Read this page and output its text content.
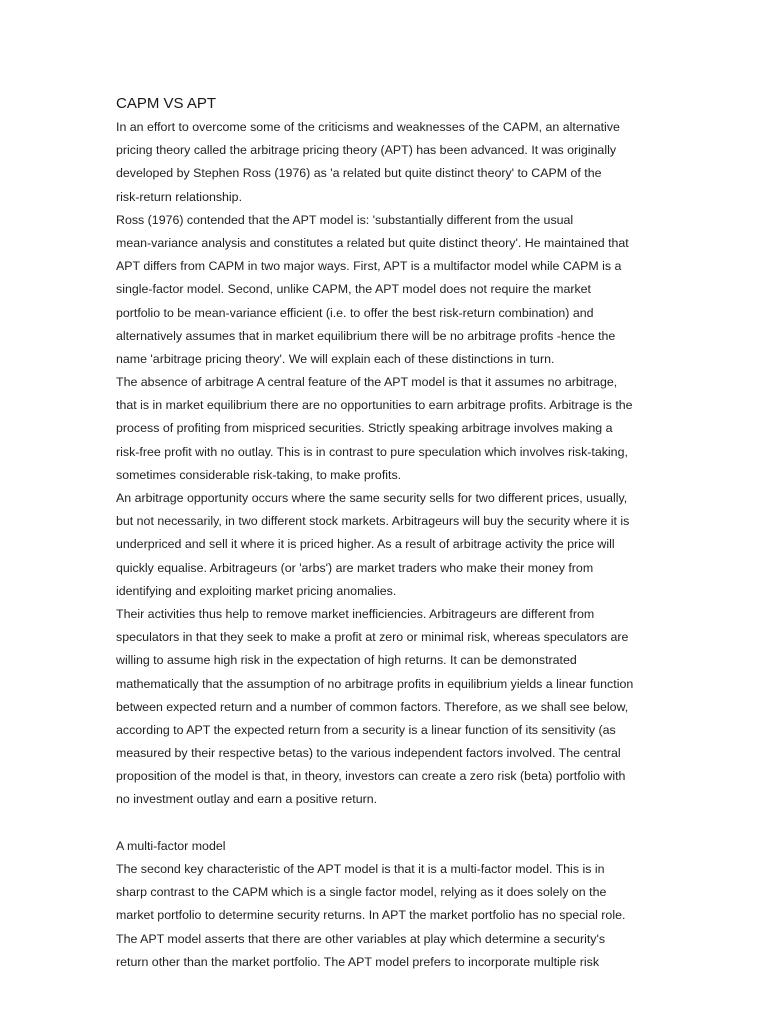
CAPM VS APT

In an effort to overcome some of the criticisms and weaknesses of the CAPM, an alternative
pricing theory called the arbitrage pricing theory (APT) has been advanced. It was originally
developed by Stephen Ross (1976) as 'a related but quite distinct theory' to CAPM of the
risk-return relationship.

Ross (1976) contended that the APT model is: 'substantially different from the usual
mean-variance analysis and constitutes a related but quite distinct theory'. He maintained that
APT differs from CAPM in two major ways. First, APT is a multifactor model while CAPM is a
single-factor model. Second, unlike CAPM, the APT model does not require the market
portfolio to be mean-variance efficient (i.e. to offer the best risk-return combination) and
alternatively assumes that in market equilibrium there will be no arbitrage profits -hence the
name 'arbitrage pricing theory'. We will explain each of these distinctions in turn.

The absence of arbitrage A central feature of the APT model is that it assumes no arbitrage,
that is in market equilibrium there are no opportunities to earn arbitrage profits. Arbitrage is the
process of profiting from mispriced securities. Strictly speaking arbitrage involves making a
risk-free profit with no outlay. This is in contrast to pure speculation which involves risk-taking,
sometimes considerable risk-taking, to make profits.

An arbitrage opportunity occurs where the same security sells for two different prices, usually,
but not necessarily, in two different stock markets. Arbitrageurs will buy the security where it is
underpriced and sell it where it is priced higher. As a result of arbitrage activity the price will
quickly equalise. Arbitrageurs (or 'arbs') are market traders who make their money from
identifying and exploiting market pricing anomalies.

Their activities thus help to remove market inefficiencies. Arbitrageurs are different from
speculators in that they seek to make a profit at zero or minimal risk, whereas speculators are
willing to assume high risk in the expectation of high returns. It can be demonstrated
mathematically that the assumption of no arbitrage profits in equilibrium yields a linear function
between expected return and a number of common factors. Therefore, as we shall see below,
according to APT the expected return from a security is a linear function of its sensitivity (as
measured by their respective betas) to the various independent factors involved. The central
proposition of the model is that, in theory, investors can create a zero risk (beta) portfolio with
no investment outlay and earn a positive return.

A multi-factor model

The second key characteristic of the APT model is that it is a multi-factor model. This is in
sharp contrast to the CAPM which is a single factor model, relying as it does solely on the
market portfolio to determine security returns. In APT the market portfolio has no special role.
The APT model asserts that there are other variables at play which determine a security's
return other than the market portfolio. The APT model prefers to incorporate multiple risk
